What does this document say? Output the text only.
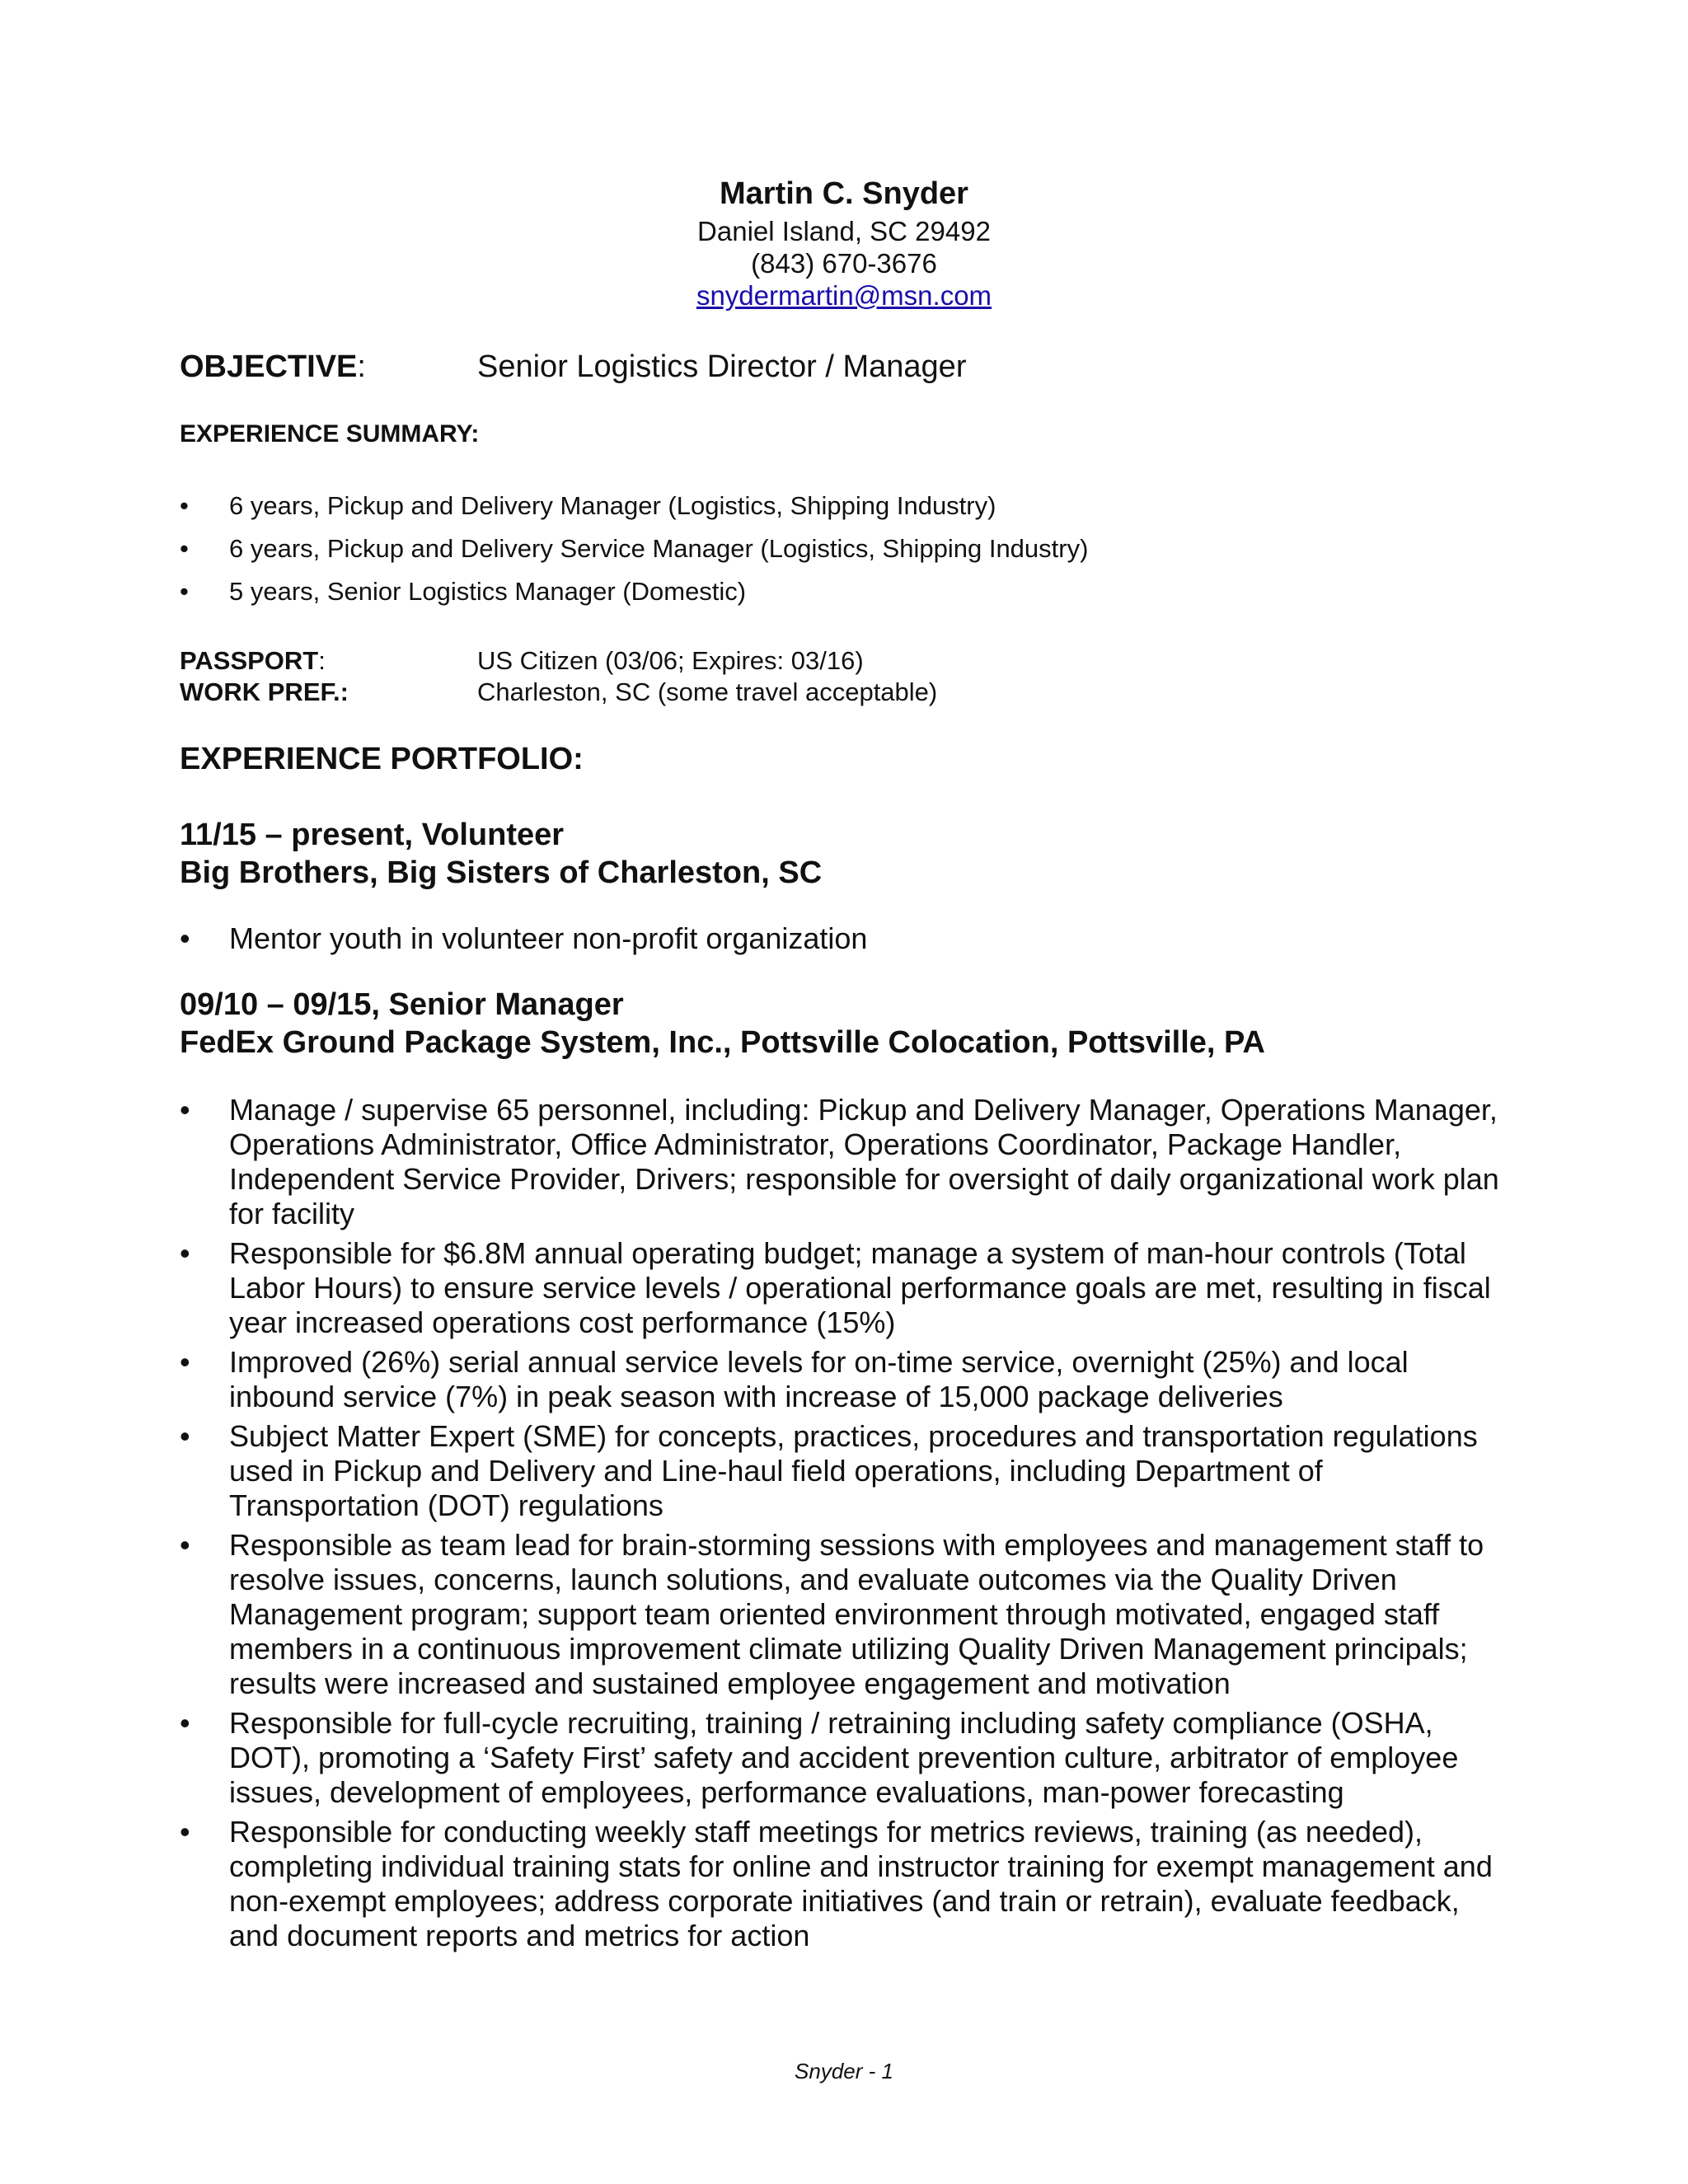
Martin C. Snyder
Daniel Island, SC 29492
(843) 670-3676
snydermartin@msn.com
OBJECTIVE:	Senior Logistics Director / Manager
EXPERIENCE SUMMARY:
• 6 years, Pickup and Delivery Manager (Logistics, Shipping Industry)
• 6 years, Pickup and Delivery Service Manager (Logistics, Shipping Industry)
• 5 years, Senior Logistics Manager (Domestic)
PASSPORT:	US Citizen (03/06; Expires: 03/16)
WORK PREF.:	Charleston, SC (some travel acceptable)
EXPERIENCE PORTFOLIO:
11/15 – present, Volunteer
Big Brothers, Big Sisters of Charleston, SC
• Mentor youth in volunteer non-profit organization
09/10 – 09/15, Senior Manager
FedEx Ground Package System, Inc., Pottsville Colocation, Pottsville, PA
• Manage / supervise 65 personnel, including: Pickup and Delivery Manager, Operations Manager, Operations Administrator, Office Administrator, Operations Coordinator, Package Handler, Independent Service Provider, Drivers; responsible for oversight of daily organizational work plan for facility
• Responsible for $6.8M annual operating budget; manage a system of man-hour controls (Total Labor Hours) to ensure service levels / operational performance goals are met, resulting in fiscal year increased operations cost performance (15%)
• Improved (26%) serial annual service levels for on-time service, overnight (25%) and local inbound service (7%) in peak season with increase of 15,000 package deliveries
• Subject Matter Expert (SME) for concepts, practices, procedures and transportation regulations used in Pickup and Delivery and Line-haul field operations, including Department of Transportation (DOT) regulations
• Responsible as team lead for brain-storming sessions with employees and management staff to resolve issues, concerns, launch solutions, and evaluate outcomes via the Quality Driven Management program; support team oriented environment through motivated, engaged staff members in a continuous improvement climate utilizing Quality Driven Management principals; results were increased and sustained employee engagement and motivation
• Responsible for full-cycle recruiting, training / retraining including safety compliance (OSHA, DOT), promoting a ‘Safety First’ safety and accident prevention culture, arbitrator of employee issues, development of employees, performance evaluations, man-power forecasting
• Responsible for conducting weekly staff meetings for metrics reviews, training (as needed), completing individual training stats for online and instructor training for exempt management and non-exempt employees; address corporate initiatives (and train or retrain), evaluate feedback, and document reports and metrics for action
Snyder - 1
